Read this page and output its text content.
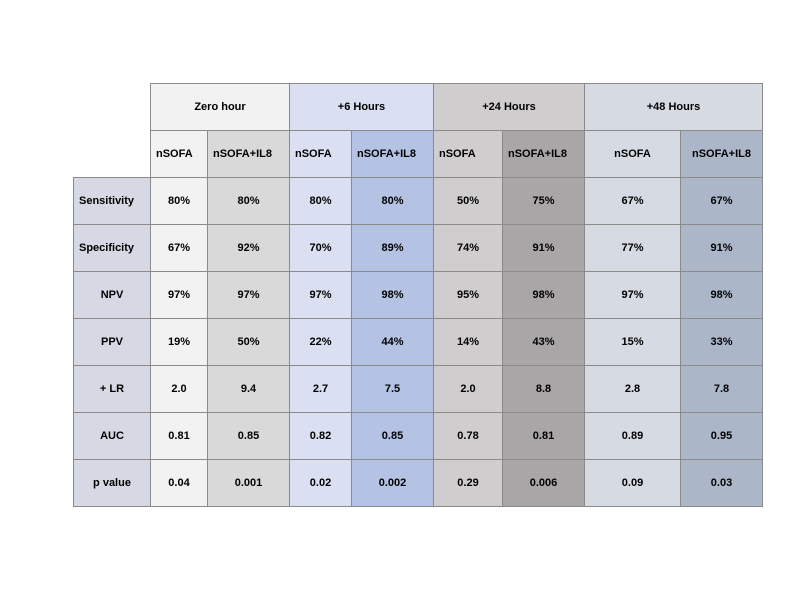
	Zero hour		+6 Hours		+24 Hours		+48 Hours	
	nSOFA	nSOFA+IL8	nSOFA	nSOFA+IL8	nSOFA	nSOFA+IL8	nSOFA	nSOFA+IL8
Sensitivity	80%	80%	80%	80%	50%	75%	67%	67%
Specificity	67%	92%	70%	89%	74%	91%	77%	91%
NPV	97%	97%	97%	98%	95%	98%	97%	98%
PPV	19%	50%	22%	44%	14%	43%	15%	33%
+ LR	2.0	9.4	2.7	7.5	2.0	8.8	2.8	7.8
AUC	0.81	0.85	0.82	0.85	0.78	0.81	0.89	0.95
p value	0.04	0.001	0.02	0.002	0.29	0.006	0.09	0.03
